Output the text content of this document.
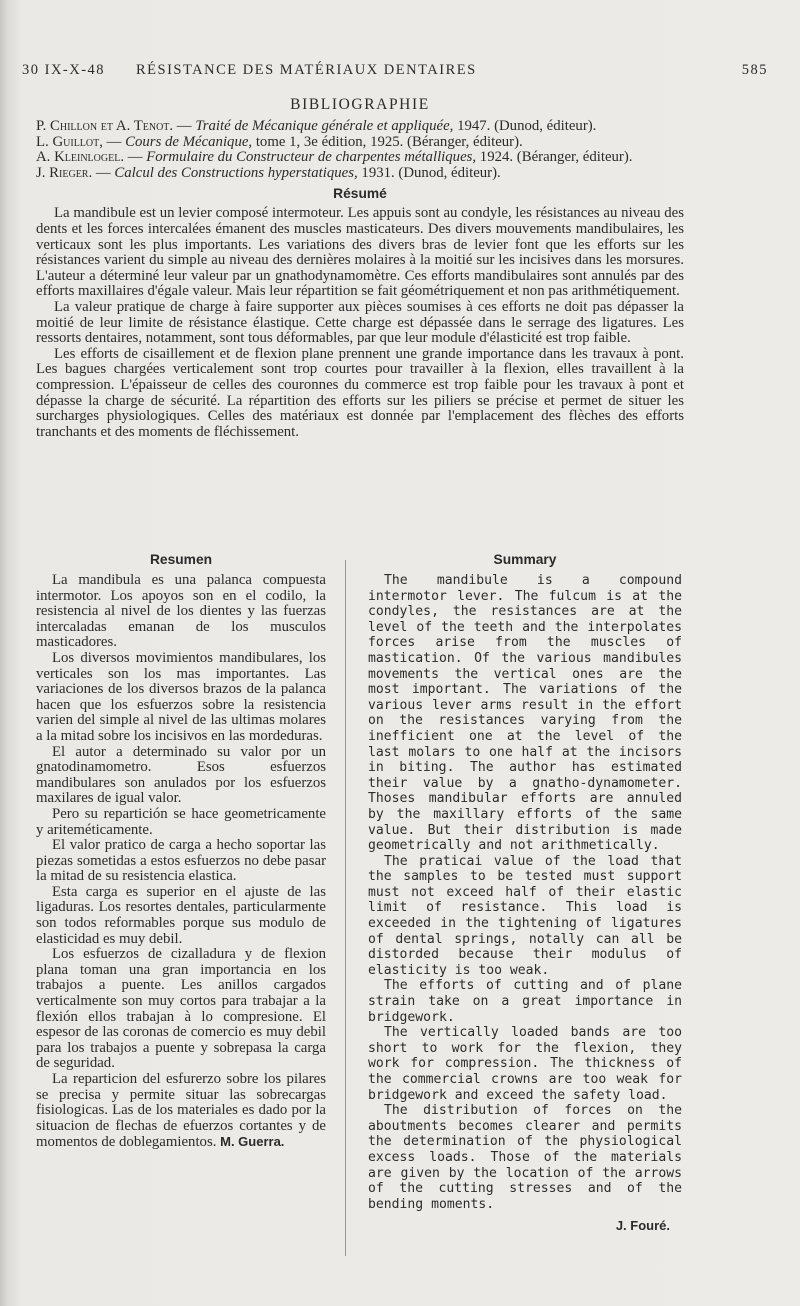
30 IX-X-48 RÉSISTANCE DES MATÉRIAUX DENTAIRES	585
BIBLIOGRAPHIE

P. Chillon et A. Tenot. — Traité de Mécanique générale et appliquée, 1947. (Dunod, éditeur).

L. Guillot, — Cours de Mécanique, tome 1, 3e édition, 1925. (Béranger, éditeur).

A. Kleinlogel. — Formulaire du Constructeur de charpentes métalliques, 1924. (Béranger, éditeur).

J. Rieger. — Calcul des Constructions hyperstatiques, 1931. (Dunod, éditeur).

Résumé

La mandibule est un levier composé intermoteur. Les appuis sont au condyle, les résistances au niveau des dents et les forces intercalées émanent des muscles masticateurs. Des divers mouvements mandibulaires, les verticaux sont les plus importants. Les variations des divers bras de levier font que les efforts sur les résistances varient du simple au niveau des dernières molaires à la moitié sur les incisives dans les morsures. L'auteur a déterminé leur valeur par un gnathodynamomètre. Ces efforts mandibulaires sont annulés par des efforts maxillaires d'égale valeur. Mais leur répartition se fait géométriquement et non pas arithmétiquement.

La valeur pratique de charge à faire supporter aux pièces soumises à ces efforts ne doit pas dépasser la moitié de leur limite de résistance élastique. Cette charge est dépassée dans le serrage des ligatures. Les ressorts dentaires, notamment, sont tous déformables, par que leur module d'élasticité est trop faible.

Les efforts de cisaillement et de flexion plane prennent une grande importance dans les travaux à pont. Les bagues chargées verticalement sont trop courtes pour travailler à la flexion, elles travaillent à la compression. L'épaisseur de celles des couronnes du commerce est trop faible pour les travaux à pont et dépasse la charge de sécurité. La répartition des efforts sur les piliers se précise et permet de situer les surcharges physiologiques. Celles des matériaux est donnée par l'emplacement des flèches des efforts tranchants et des moments de fléchissement.

Resumen

La mandibula es una palanca compuesta intermotor. Los apoyos son en el codilo, la resistencia al nivel de los dientes y las fuerzas intercaladas emanan de los musculos masticadores.

Los diversos movimientos mandibulares, los verticales son los mas importantes. Las variaciones de los diversos brazos de la palanca hacen que los esfuerzos sobre la resistencia varien del simple al nivel de las ultimas molares a la mitad sobre los incisivos en las mordeduras.

El autor a determinado su valor por un gnatodinamometro. Esos esfuerzos mandibulares son anulados por los esfuerzos maxilares de igual valor.

Pero su repartición se hace geometricamente y ariteméticamente.

El valor pratico de carga a hecho soportar las piezas sometidas a estos esfuerzos no debe pasar la mitad de su resistencia elastica.

Esta carga es superior en el ajuste de las ligaduras. Los resortes dentales, particularmente son todos reformables porque sus modulo de elasticidad es muy debil.

Los esfuerzos de cizalladura y de flexion plana toman una gran importancia en los trabajos a puente. Les anillos cargados verticalmente son muy cortos para trabajar a la flexión ellos trabajan à lo compresione. El espesor de las coronas de comercio es muy debil para los trabajos a puente y sobrepasa la carga de seguridad.

La reparticion del esfurerzo sobre los pilares se precisa y permite situar las sobrecargas fisiologicas. Las de los materiales es dado por la situacion de flechas de efuerzos cortantes y de momentos de doblegamientos. M. Guerra.

Summary

The mandibule is a compound intermotor lever. The fulcum is at the condyles, the resistances are at the level of the teeth and the interpolates forces arise from the muscles of mastication. Of the various mandibules movements the vertical ones are the most important. The variations of the various lever arms result in the effort on the resistances varying from the inefficient one at the level of the last molars to one half at the incisors in biting. The author has estimated their value by a gnatho-dynamometer. Thoses mandibular efforts are annuled by the maxillary efforts of the same value. But their distribution is made geometrically and not arithmetically.

The praticai value of the load that the samples to be tested must support must not exceed half of their elastic limit of resistance. This load is exceeded in the tightening of ligatures of dental springs, notally can all be distorded because their modulus of elasticity is too weak.

The efforts of cutting and of plane strain take on a great importance in bridgework.

The vertically loaded bands are too short to work for the flexion, they work for compression. The thickness of the commercial crowns are too weak for bridgework and exceed the safety load.

The distribution of forces on the aboutments becomes clearer and permits the determination of the physiological excess loads. Those of the materials are given by the location of the arrows of the cutting stresses and of the bending moments.

J. Fouré.
